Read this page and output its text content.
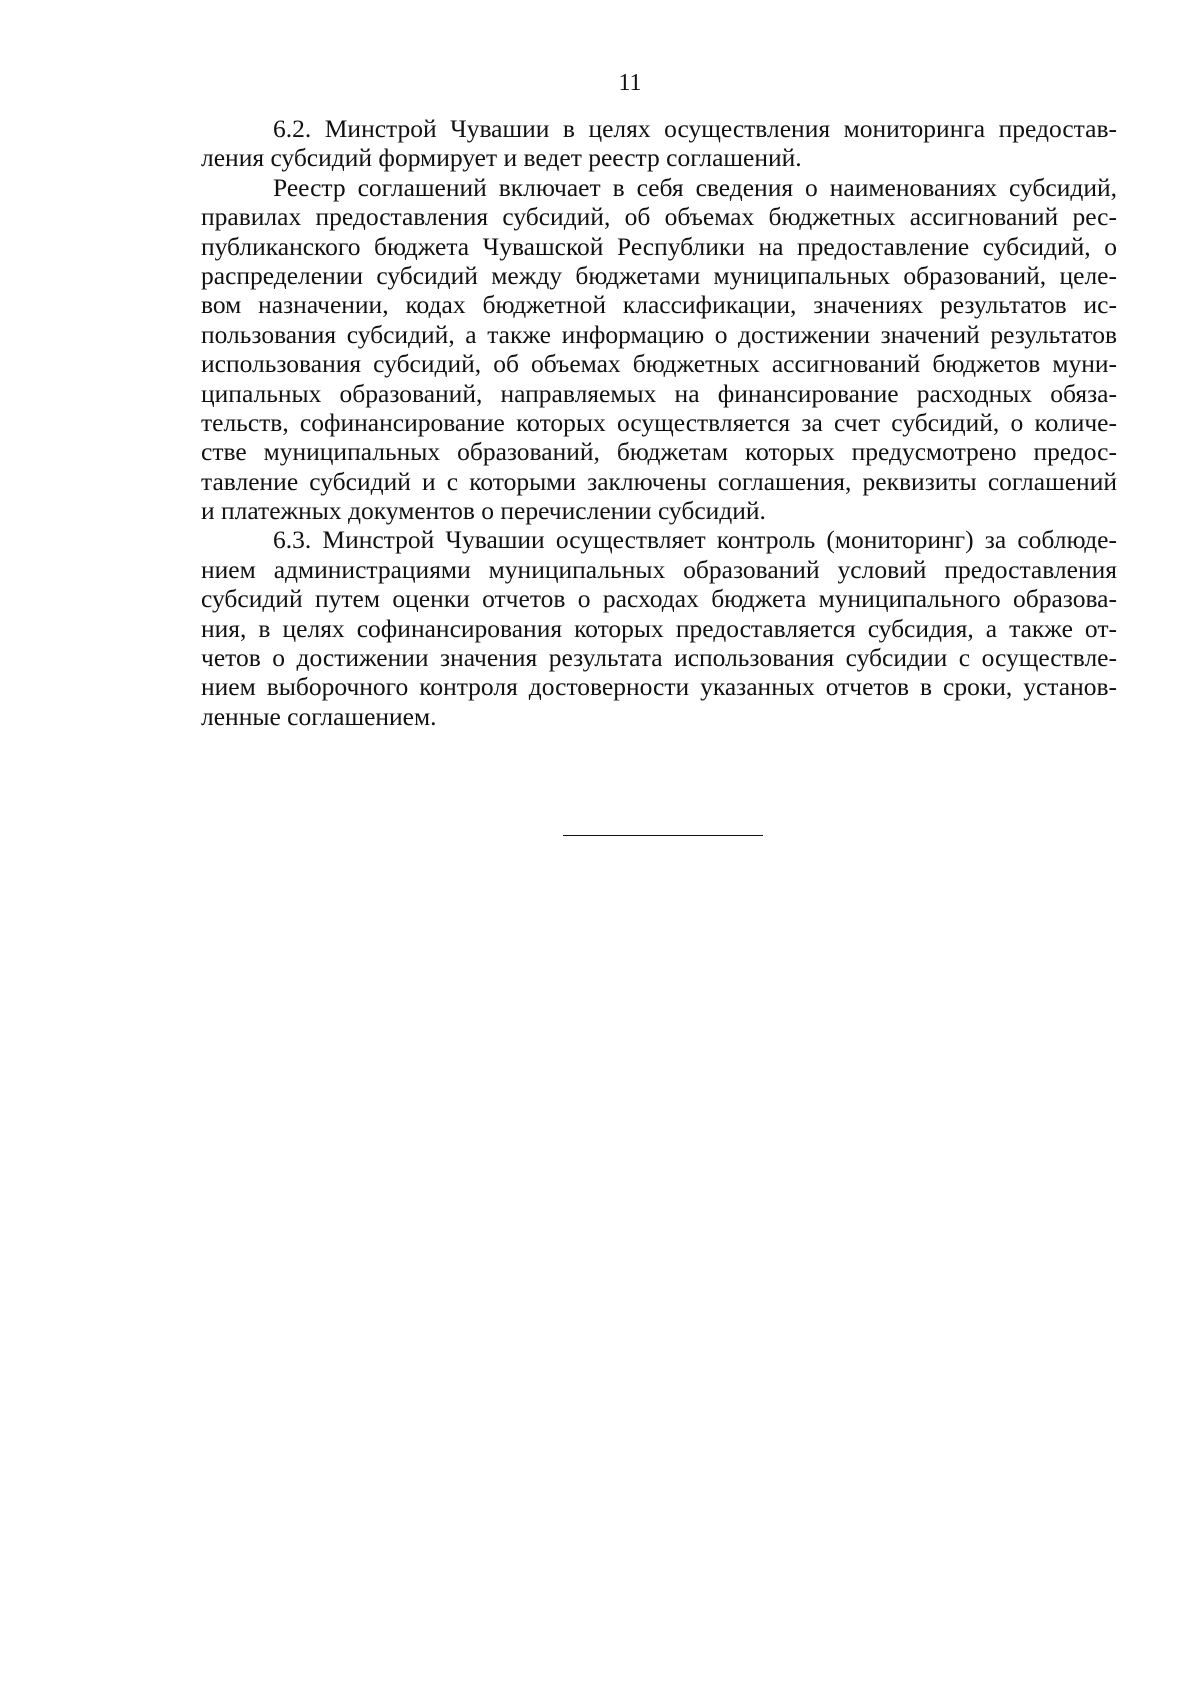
11
6.2. Минстрой Чувашии в целях осуществления мониторинга предостав-
ления субсидий формирует и ведет реестр соглашений.
Реестр соглашений включает в себя сведения о наименованиях субсидий,
правилах предоставления субсидий, об объемах бюджетных ассигнований рес-
публиканского бюджета Чувашской Республики на предоставление субсидий, о
распределении субсидий между бюджетами муниципальных образований, целе-
вом назначении, кодах бюджетной классификации, значениях результатов ис-
пользования субсидий, а также информацию о достижении значений результатов
использования субсидий, об объемах бюджетных ассигнований бюджетов муни-
ципальных образований, направляемых на финансирование расходных обяза-
тельств, софинансирование которых осуществляется за счет субсидий, о количе-
стве муниципальных образований, бюджетам которых предусмотрено предос-
тавление субсидий и с которыми заключены соглашения, реквизиты соглашений
и платежных документов о перечислении субсидий.
6.3. Минстрой Чувашии осуществляет контроль (мониторинг) за соблюде-
нием администрациями муниципальных образований условий предоставления
субсидий путем оценки отчетов о расходах бюджета муниципального образова-
ния, в целях софинансирования которых предоставляется субсидия, а также от-
четов о достижении значения результата использования субсидии с осуществле-
нием выборочного контроля достоверности указанных отчетов в сроки, установ-
ленные соглашением.
